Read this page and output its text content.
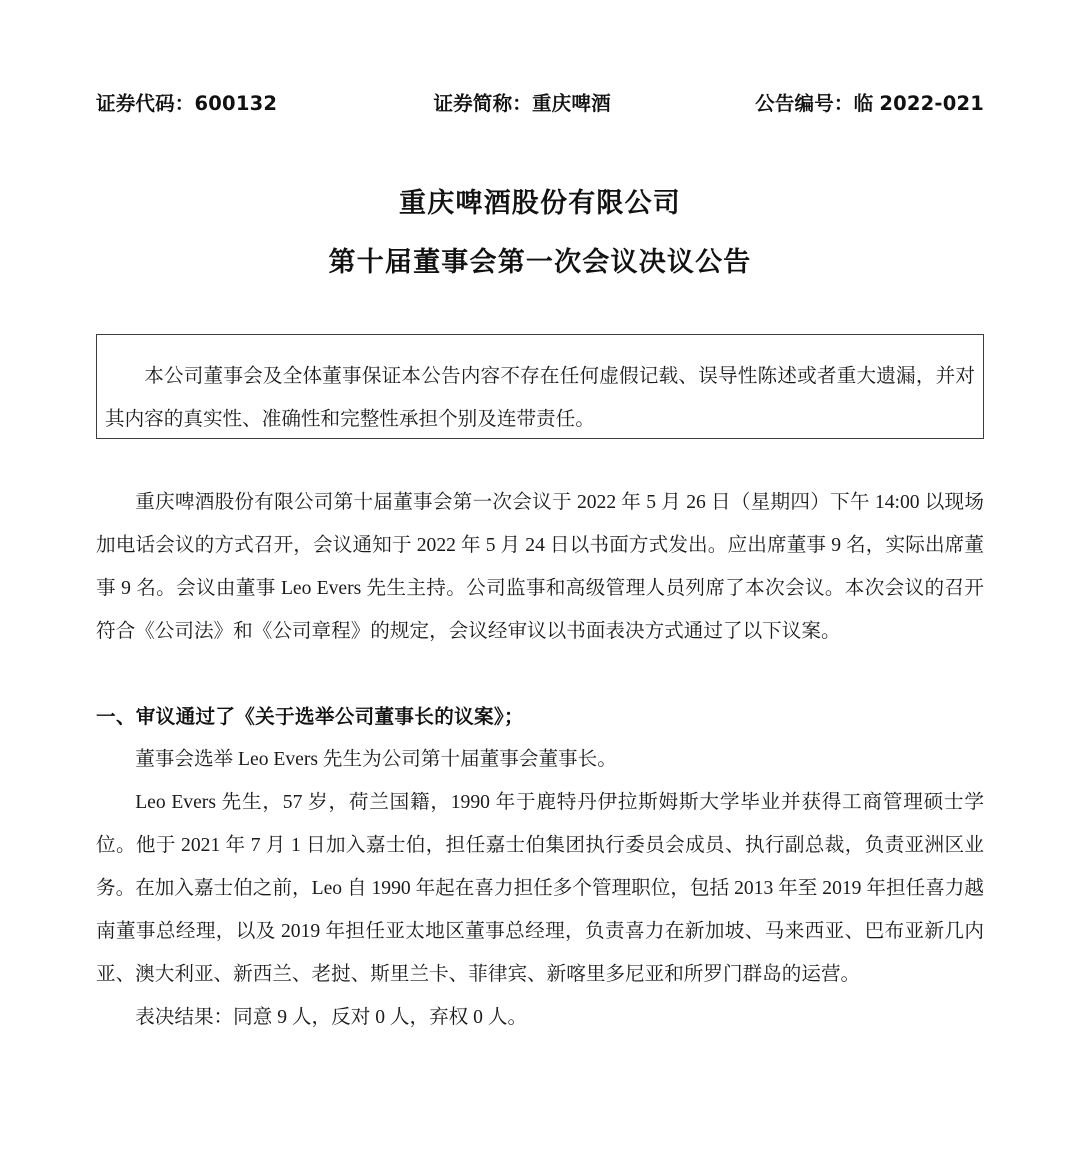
证券代码：600132	证券简称：重庆啤酒	公告编号：临 2022-021
重庆啤酒股份有限公司
第十届董事会第一次会议决议公告

本公司董事会及全体董事保证本公告内容不存在任何虚假记载、误导性陈述或者重大遗漏，并对其内容的真实性、准确性和完整性承担个别及连带责任。

重庆啤酒股份有限公司第十届董事会第一次会议于 2022 年 5 月 26 日（星期四）下午 14:00 以现场加电话会议的方式召开，会议通知于 2022 年 5 月 24 日以书面方式发出。应出席董事 9 名，实际出席董事 9 名。会议由董事 Leo Evers 先生主持。公司监事和高级管理人员列席了本次会议。本次会议的召开符合《公司法》和《公司章程》的规定，会议经审议以书面表决方式通过了以下议案。

一、审议通过了《关于选举公司董事长的议案》；

董事会选举 Leo Evers 先生为公司第十届董事会董事长。

Leo Evers 先生，57 岁，荷兰国籍，1990 年于鹿特丹伊拉斯姆斯大学毕业并获得工商管理硕士学位。他于 2021 年 7 月 1 日加入嘉士伯，担任嘉士伯集团执行委员会成员、执行副总裁，负责亚洲区业务。在加入嘉士伯之前，Leo 自 1990 年起在喜力担任多个管理职位，包括 2013 年至 2019 年担任喜力越南董事总经理，以及 2019 年担任亚太地区董事总经理，负责喜力在新加坡、马来西亚、巴布亚新几内亚、澳大利亚、新西兰、老挝、斯里兰卡、菲律宾、新喀里多尼亚和所罗门群岛的运营。

表决结果：同意 9 人，反对 0 人，弃权 0 人。
